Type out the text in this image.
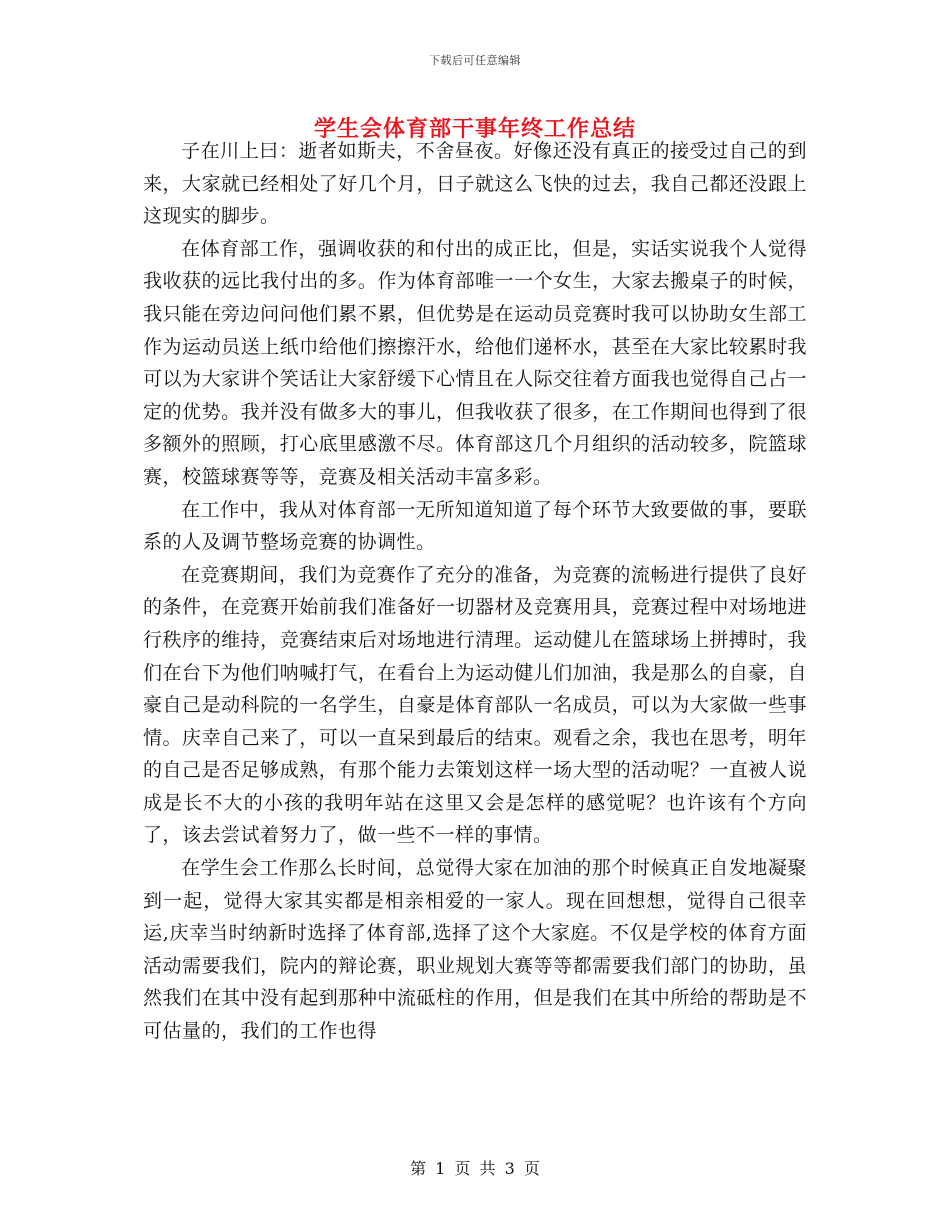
下载后可任意编辑
学生会体育部干事年终工作总结

子在川上曰：逝者如斯夫，不舍昼夜。好像还没有真正的接受过自己的到来，大家就已经相处了好几个月，日子就这么飞快的过去，我自己都还没跟上这现实的脚步。

在体育部工作，强调收获的和付出的成正比，但是，实话实说我个人觉得我收获的远比我付出的多。作为体育部唯一一个女生，大家去搬桌子的时候，我只能在旁边问问他们累不累，但优势是在运动员竞赛时我可以协助女生部工作为运动员送上纸巾给他们擦擦汗水，给他们递杯水，甚至在大家比较累时我可以为大家讲个笑话让大家舒缓下心情且在人际交往着方面我也觉得自己占一定的优势。我并没有做多大的事儿，但我收获了很多，在工作期间也得到了很多额外的照顾，打心底里感激不尽。体育部这几个月组织的活动较多，院篮球赛，校篮球赛等等，竞赛及相关活动丰富多彩。

在工作中，我从对体育部一无所知道知道了每个环节大致要做的事，要联系的人及调节整场竞赛的协调性。

在竞赛期间，我们为竞赛作了充分的准备，为竞赛的流畅进行提供了良好的条件，在竞赛开始前我们准备好一切器材及竞赛用具，竞赛过程中对场地进行秩序的维持，竞赛结束后对场地进行清理。运动健儿在篮球场上拼搏时，我们在台下为他们呐喊打气，在看台上为运动健儿们加油，我是那么的自豪，自豪自己是动科院的一名学生，自豪是体育部队一名成员，可以为大家做一些事情。庆幸自己来了，可以一直呆到最后的结束。观看之余，我也在思考，明年的自己是否足够成熟，有那个能力去策划这样一场大型的活动呢？一直被人说成是长不大的小孩的我明年站在这里又会是怎样的感觉呢？也许该有个方向了，该去尝试着努力了，做一些不一样的事情。

在学生会工作那么长时间，总觉得大家在加油的那个时候真正自发地凝聚到一起，觉得大家其实都是相亲相爱的一家人。现在回想想，觉得自己很幸运,庆幸当时纳新时选择了体育部,选择了这个大家庭。不仅是学校的体育方面活动需要我们，院内的辩论赛，职业规划大赛等等都需要我们部门的协助，虽然我们在其中没有起到那种中流砥柱的作用，但是我们在其中所给的帮助是不可估量的，我们的工作也得

第 1 页 共 3 页
